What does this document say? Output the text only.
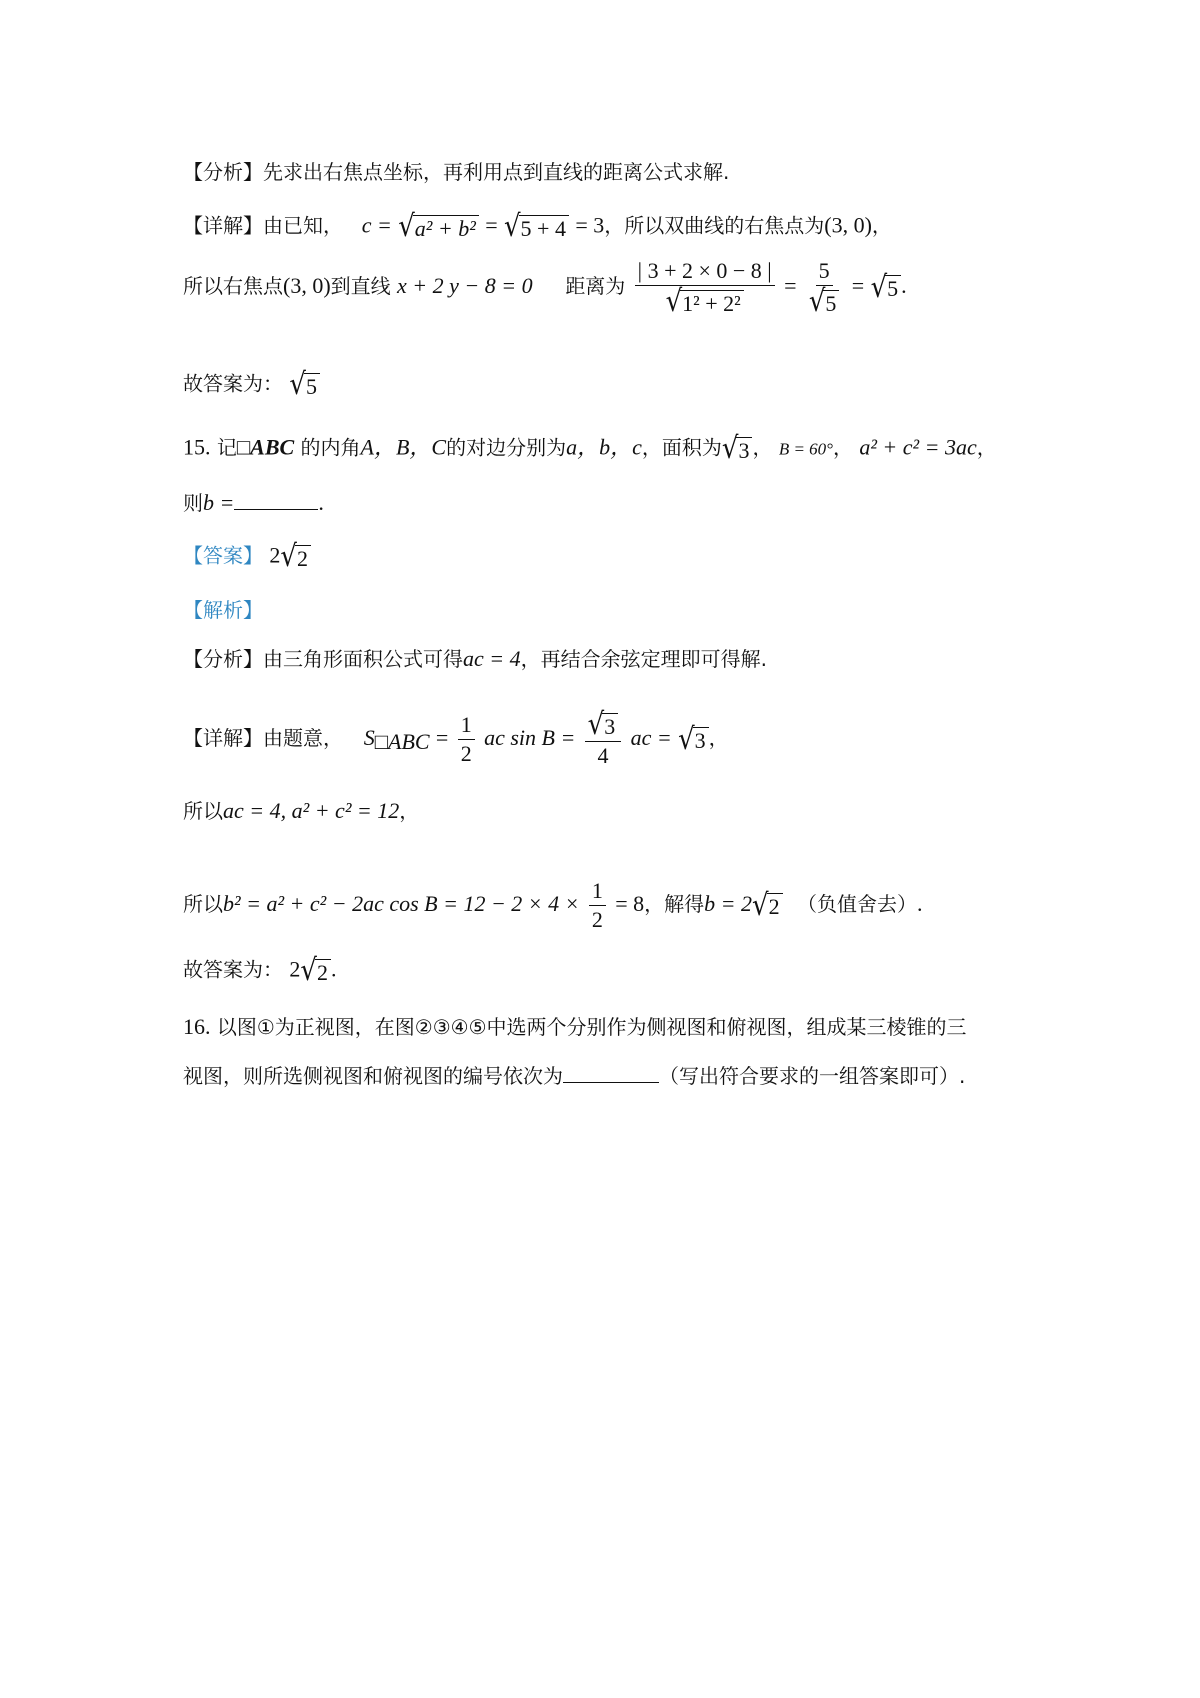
【分析】先求出右焦点坐标，再利用点到直线的距离公式求解.
【详解】由已知， c = √a² + b² = √5 + 4 = 3，所以双曲线的右焦点为(3, 0)，
所以右焦点(3, 0)到直线 x + 2 y − 8 = 0 距离为 $\frac{| 3 + 2 \times 0 - 8 |}{\text{√1² + 2²}} = \frac{5}{√5} = √5$ .
故答案为： √5
15. 记□ABC 的内角A，B，C的对边分别为a，b，c，面积为√3 ， B = 60°， a² + c² = 3ac，
则b =	.
【答案】 2√2
【解析】
【分析】由三角形面积公式可得ac = 4，再结合余弦定理即可得解.
【详解】由题意， $S_{□ABC} = \frac{1}{2}$ ac $\sin B = \frac{√3}{4}$ ac = √3 ，
所以ac = 4, a² + c² = 12，
所以b² = a² + c² − 2ac $\cos B = 12 - 2 \times 4 \times \frac{1}{2} = 8$，解得b = 2√2 （负值舍去）.
故答案为： 2√2 .
16. 以图①为正视图，在图②③④⑤中选两个分别作为侧视图和俯视图，组成某三棱锥的三
视图，则所选侧视图和俯视图的编号依次为	（写出符合要求的一组答案即可）.
